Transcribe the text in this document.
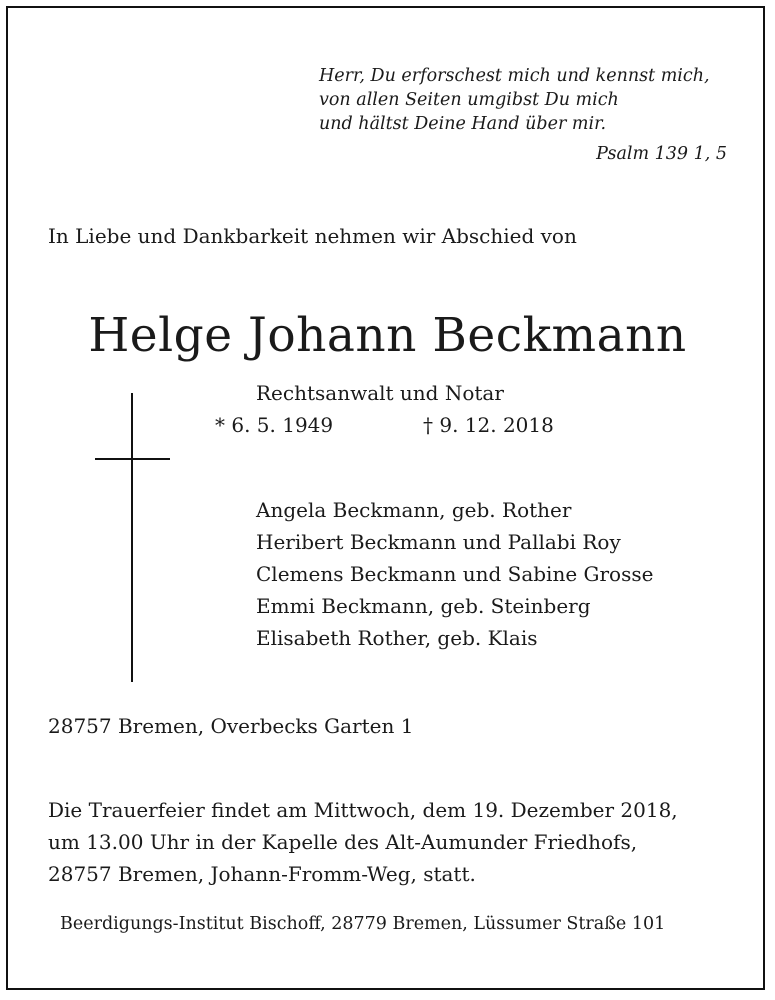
Herr, Du erforschest mich und kennst mich,
von allen Seiten umgibst Du mich
und hältst Deine Hand über mir.
Psalm 139 1, 5
In Liebe und Dankbarkeit nehmen wir Abschied von
Helge Johann Beckmann
Rechtsanwalt und Notar
* 6. 5. 1949	† 9. 12. 2018
Angela Beckmann, geb. Rother
Heribert Beckmann und Pallabi Roy
Clemens Beckmann und Sabine Grosse
Emmi Beckmann, geb. Steinberg
Elisabeth Rother, geb. Klais
28757 Bremen, Overbecks Garten 1
Die Trauerfeier findet am Mittwoch, dem 19. Dezember 2018,
um 13.00 Uhr in der Kapelle des Alt-Aumunder Friedhofs,
28757 Bremen, Johann-Fromm-Weg, statt.
Beerdigungs-Institut Bischoff, 28779 Bremen, Lüssumer Straße 101
